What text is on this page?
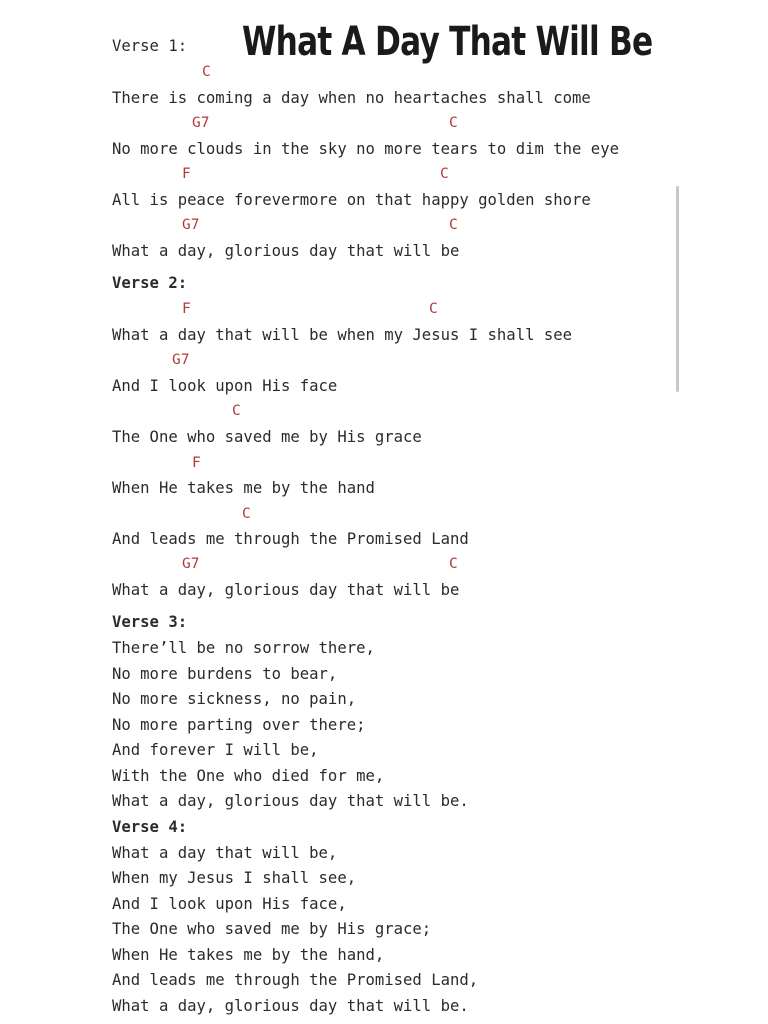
What A Day That Will Be
Verse 1:
C
There is coming a day when no heartaches shall come
G7	C
No more clouds in the sky no more tears to dim the eye
F	C
All is peace forevermore on that happy golden shore
G7	C
What a day, glorious day that will be
Verse 2:
F	C
What a day that will be when my Jesus I shall see
G7
And I look upon His face
C
The One who saved me by His grace
F
When He takes me by the hand
C
And leads me through the Promised Land
G7	C
What a day, glorious day that will be
Verse 3:
There’ll be no sorrow there,
No more burdens to bear,
No more sickness, no pain,
No more parting over there;
And forever I will be,
With the One who died for me,
What a day, glorious day that will be.
Verse 4:
What a day that will be,
When my Jesus I shall see,
And I look upon His face,
The One who saved me by His grace;
When He takes me by the hand,
And leads me through the Promised Land,
What a day, glorious day that will be.
